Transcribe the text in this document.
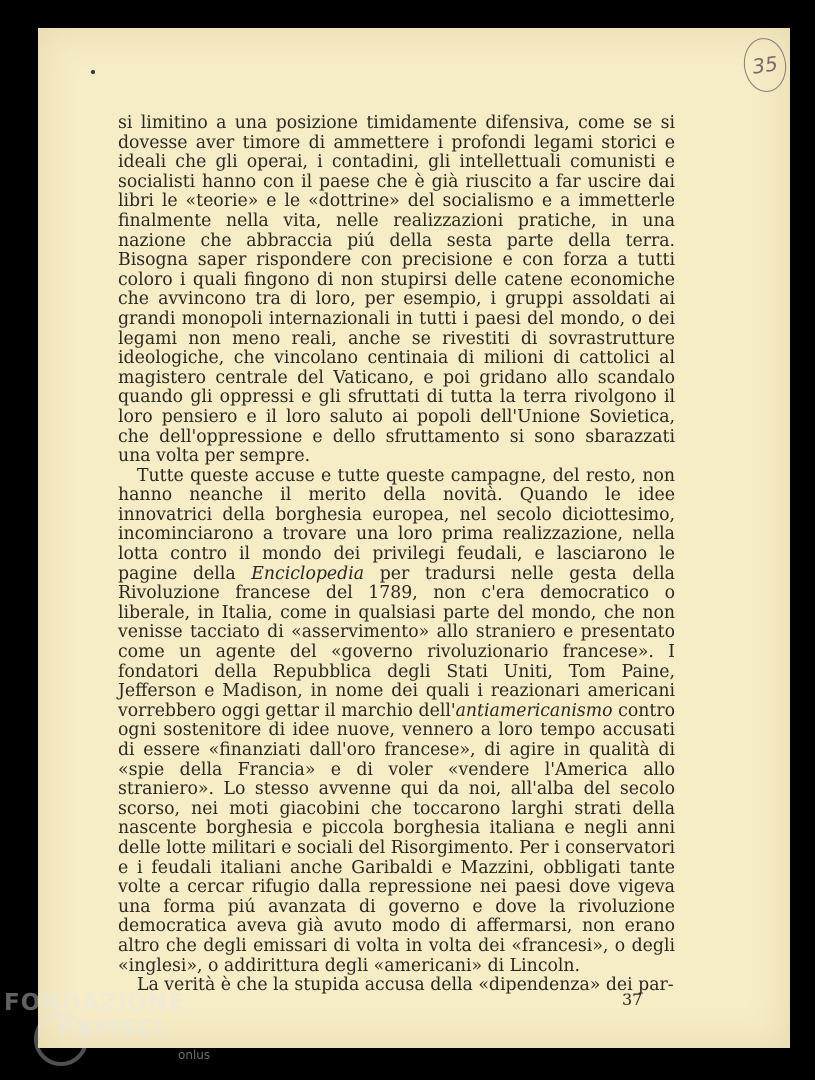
35

si limitino a una posizione timidamente difensiva, come se si dovesse aver timore di ammettere i profondi legami storici e ideali che gli operai, i contadini, gli intellettuali comunisti e socialisti hanno con il paese che è già riuscito a far uscire dai libri le «teorie» e le «dottrine» del socialismo e a immetterle finalmente nella vita, nelle realizzazioni pratiche, in una nazione che abbraccia piú della sesta parte della terra. Bisogna saper rispondere con precisione e con forza a tutti coloro i quali fingono di non stupirsi delle catene economiche che avvincono tra di loro, per esempio, i gruppi assoldati ai grandi monopoli internazionali in tutti i paesi del mondo, o dei legami non meno reali, anche se rivestiti di sovrastrutture ideologiche, che vincolano centinaia di milioni di cattolici al magistero centrale del Vaticano, e poi gridano allo scandalo quando gli oppressi e gli sfruttati di tutta la terra rivolgono il loro pensiero e il loro saluto ai popoli dell'Unione Sovietica, che dell'oppressione e dello sfruttamento si sono sbarazzati una volta per sempre.

Tutte queste accuse e tutte queste campagne, del resto, non hanno neanche il merito della novità. Quando le idee innovatrici della borghesia europea, nel secolo diciottesimo, incominciarono a trovare una loro prima realizzazione, nella lotta contro il mondo dei privilegi feudali, e lasciarono le pagine della Enciclopedia per tradursi nelle gesta della Rivoluzione francese del 1789, non c'era democratico o liberale, in Italia, come in qualsiasi parte del mondo, che non venisse tacciato di «asservimento» allo straniero e presentato come un agente del «governo rivoluzionario francese». I fondatori della Repubblica degli Stati Uniti, Tom Paine, Jefferson e Madison, in nome dei quali i reazionari americani vorrebbero oggi gettar il marchio dell'antiamericanismo contro ogni sostenitore di idee nuove, vennero a loro tempo accusati di essere «finanziati dall'oro francese», di agire in qualità di «spie della Francia» e di voler «vendere l'America allo straniero». Lo stesso avvenne qui da noi, all'alba del secolo scorso, nei moti giacobini che toccarono larghi strati della nascente borghesia e piccola borghesia italiana e negli anni delle lotte militari e sociali del Risorgimento. Per i conservatori e i feudali italiani anche Garibaldi e Mazzini, obbligati tante volte a cercar rifugio dalla repressione nei paesi dove vigeva una forma piú avanzata di governo e dove la rivoluzione democratica aveva già avuto modo di affermarsi, non erano altro che degli emissari di volta in volta dei «francesi», o degli «inglesi», o addirittura degli «americani» di Lincoln.

La verità è che la stupida accusa della «dipendenza» dei par-

37
FONDAZIONE
RAMSCI
onlus
